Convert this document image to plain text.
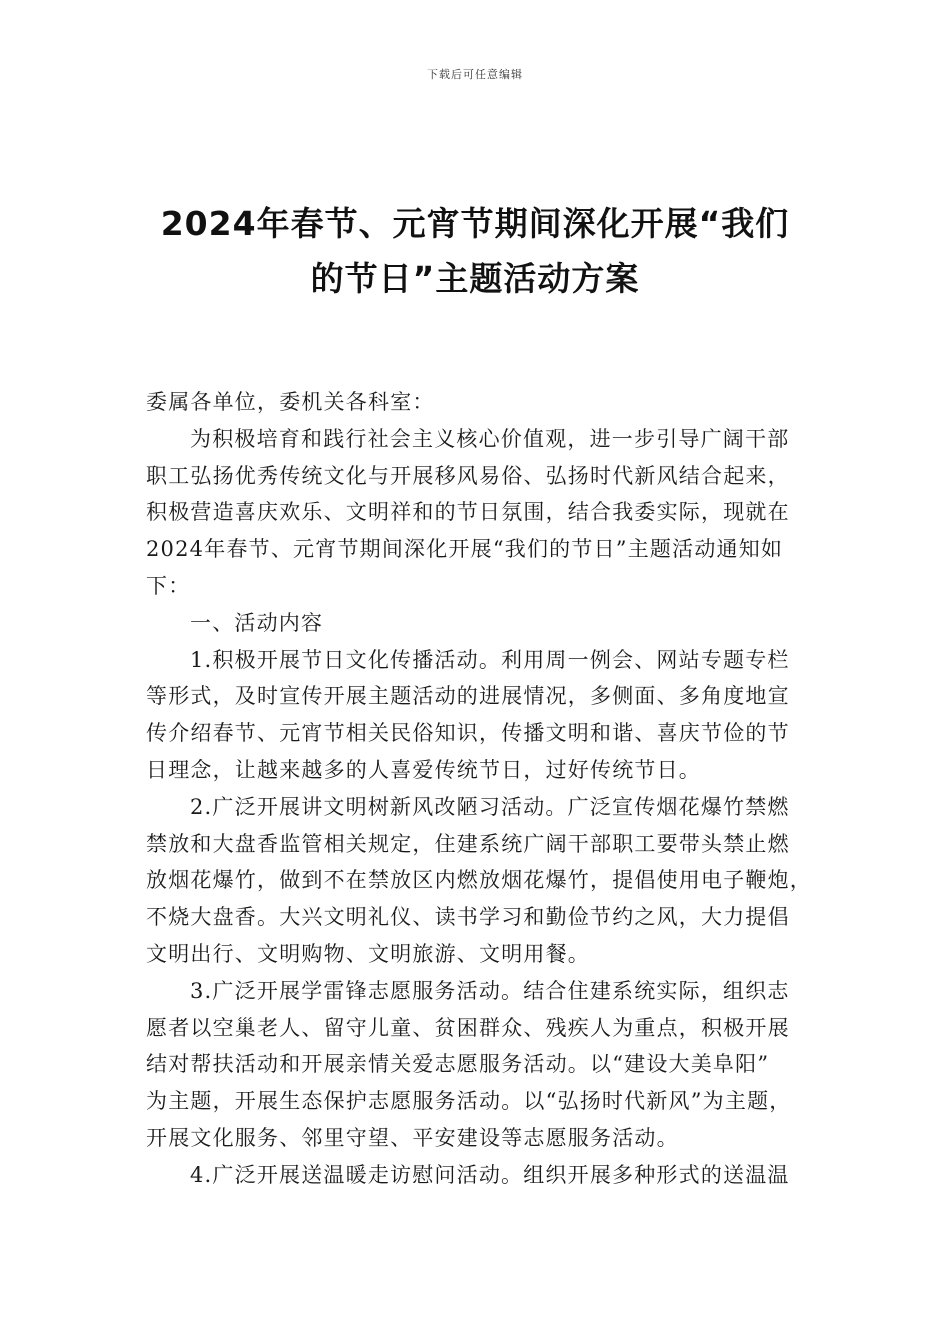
下载后可任意编辑
2024年春节、元宵节期间深化开展“我们
的节日”主题活动方案
委属各单位，委机关各科室：
为积极培育和践行社会主义核心价值观，进一步引导广阔干部
职工弘扬优秀传统文化与开展移风易俗、弘扬时代新风结合起来，
积极营造喜庆欢乐、文明祥和的节日氛围，结合我委实际，现就在
2024年春节、元宵节期间深化开展“我们的节日”主题活动通知如
下：
一、活动内容
1.积极开展节日文化传播活动。利用周一例会、网站专题专栏
等形式，及时宣传开展主题活动的进展情况，多侧面、多角度地宣
传介绍春节、元宵节相关民俗知识，传播文明和谐、喜庆节俭的节
日理念，让越来越多的人喜爱传统节日，过好传统节日。
2.广泛开展讲文明树新风改陋习活动。广泛宣传烟花爆竹禁燃
禁放和大盘香监管相关规定，住建系统广阔干部职工要带头禁止燃
放烟花爆竹，做到不在禁放区内燃放烟花爆竹，提倡使用电子鞭炮，
不烧大盘香。大兴文明礼仪、读书学习和勤俭节约之风，大力提倡
文明出行、文明购物、文明旅游、文明用餐。
3.广泛开展学雷锋志愿服务活动。结合住建系统实际，组织志
愿者以空巢老人、留守儿童、贫困群众、残疾人为重点，积极开展
结对帮扶活动和开展亲情关爱志愿服务活动。以“建设大美阜阳”
为主题，开展生态保护志愿服务活动。以“弘扬时代新风”为主题，
开展文化服务、邻里守望、平安建设等志愿服务活动。
4.广泛开展送温暖走访慰问活动。组织开展多种形式的送温温
